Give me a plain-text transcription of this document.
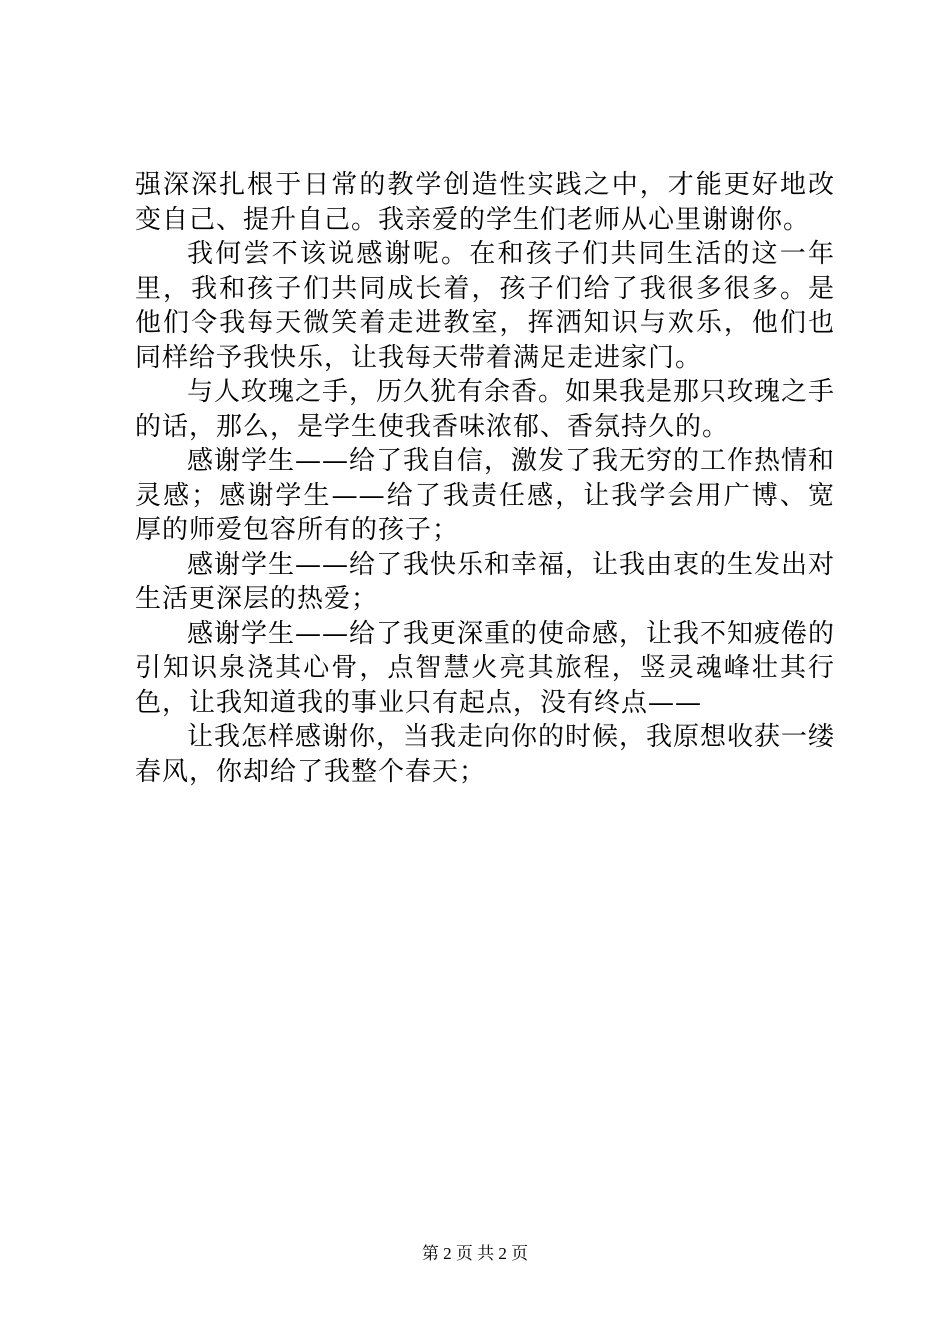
强深深扎根于日常的教学创造性实践之中，才能更好地改变自己、提升自己。我亲爱的学生们老师从心里谢谢你。

我何尝不该说感谢呢。在和孩子们共同生活的这一年里，我和孩子们共同成长着，孩子们给了我很多很多。是他们令我每天微笑着走进教室，挥洒知识与欢乐，他们也同样给予我快乐，让我每天带着满足走进家门。

与人玫瑰之手，历久犹有余香。如果我是那只玫瑰之手的话，那么，是学生使我香味浓郁、香氛持久的。

感谢学生——给了我自信，激发了我无穷的工作热情和灵感；感谢学生——给了我责任感，让我学会用广博、宽厚的师爱包容所有的孩子；

感谢学生——给了我快乐和幸福，让我由衷的生发出对生活更深层的热爱；

感谢学生——给了我更深重的使命感，让我不知疲倦的引知识泉浇其心骨，点智慧火亮其旅程，竖灵魂峰壮其行色，让我知道我的事业只有起点，没有终点——

让我怎样感谢你，当我走向你的时候，我原想收获一缕春风，你却给了我整个春天；

第 2 页 共 2 页
